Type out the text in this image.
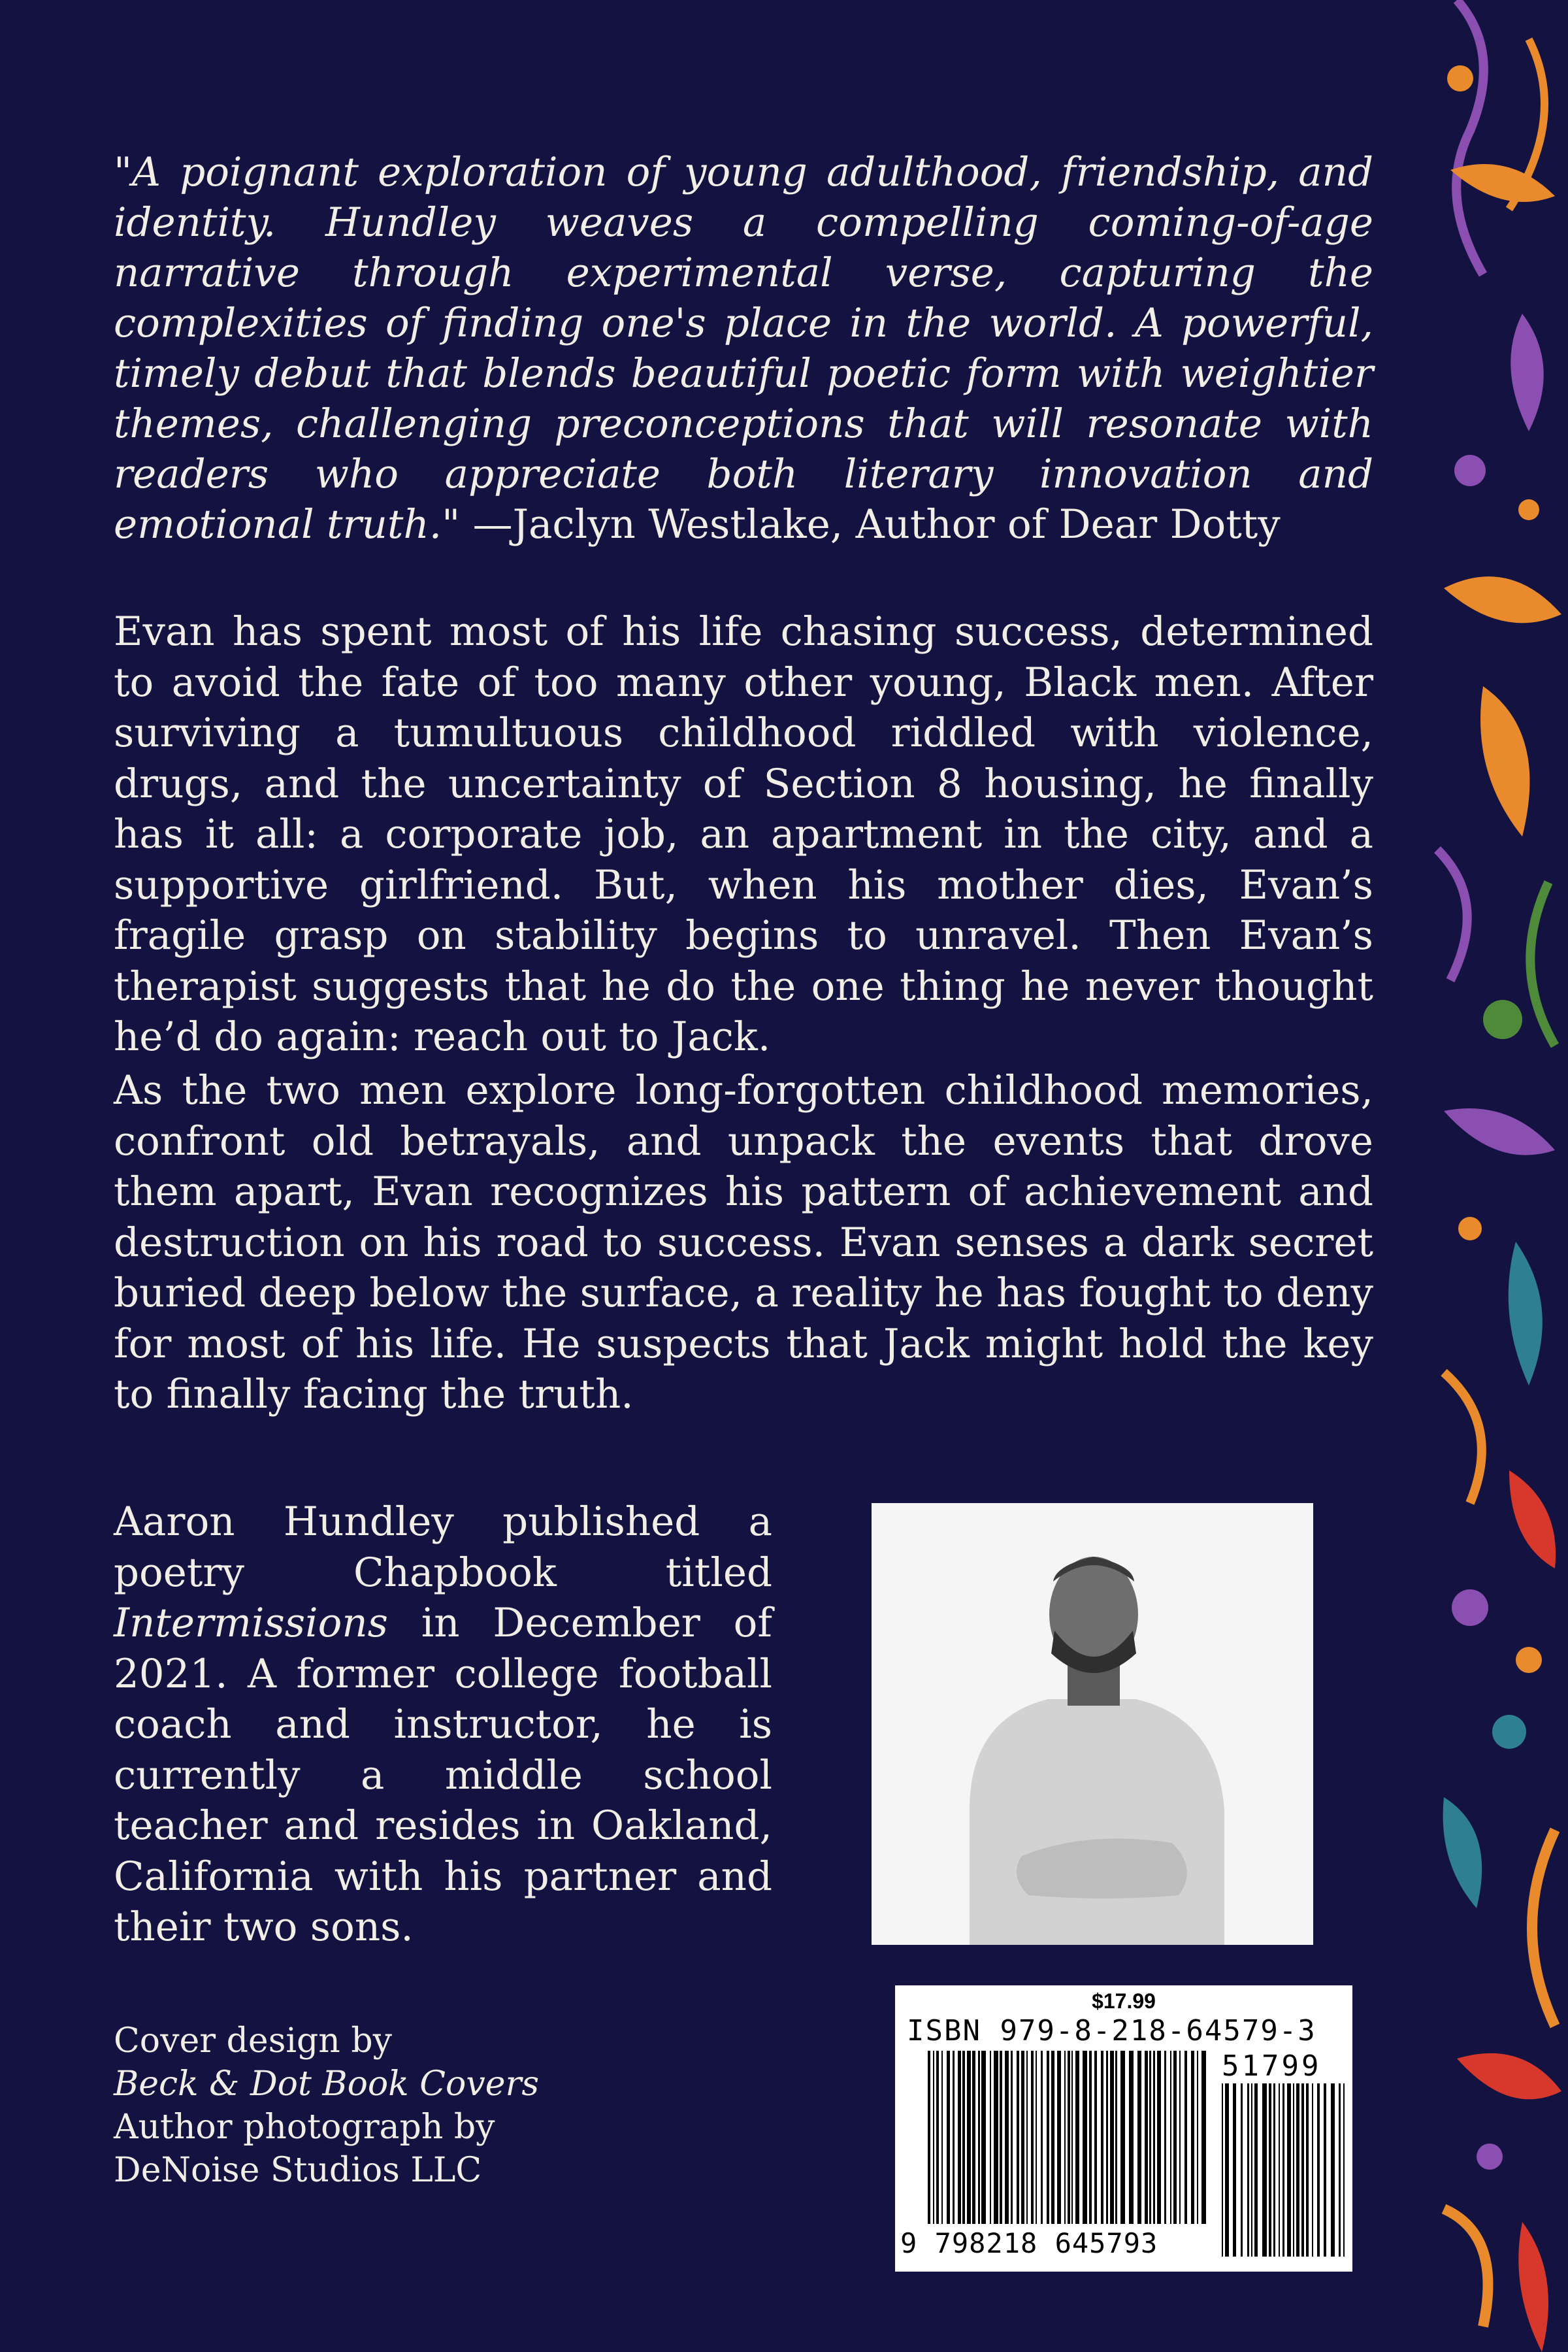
"A poignant exploration of young adulthood, friendship, and identity. Hundley weaves a compelling coming-of-age narrative through experimental verse, capturing the complexities of finding one's place in the world. A powerful, timely debut that blends beautiful poetic form with weightier themes, challenging preconceptions that will resonate with readers who appreciate both literary innovation and emotional truth." —Jaclyn Westlake, Author of Dear Dotty

Evan has spent most of his life chasing success, determined to avoid the fate of too many other young, Black men. After surviving a tumultuous childhood riddled with violence, drugs, and the uncertainty of Section 8 housing, he finally has it all: a corporate job, an apartment in the city, and a supportive girlfriend. But, when his mother dies, Evan’s fragile grasp on stability begins to unravel. Then Evan’s therapist suggests that he do the one thing he never thought he’d do again: reach out to Jack.

As the two men explore long-forgotten childhood memories, confront old betrayals, and unpack the events that drove them apart, Evan recognizes his pattern of achievement and destruction on his road to success. Evan senses a dark secret buried deep below the surface, a reality he has fought to deny for most of his life. He suspects that Jack might hold the key to finally facing the truth.

Aaron Hundley published a poetry Chapbook titled Intermissions in December of 2021. A former college football coach and instructor, he is currently a middle school teacher and resides in Oakland, California with his partner and their two sons.

Cover design by
Beck & Dot Book Covers
Author photograph by
DeNoise Studios LLC
$17.99
ISBN 979-8-218-64579-3
51799
9 798218 645793
